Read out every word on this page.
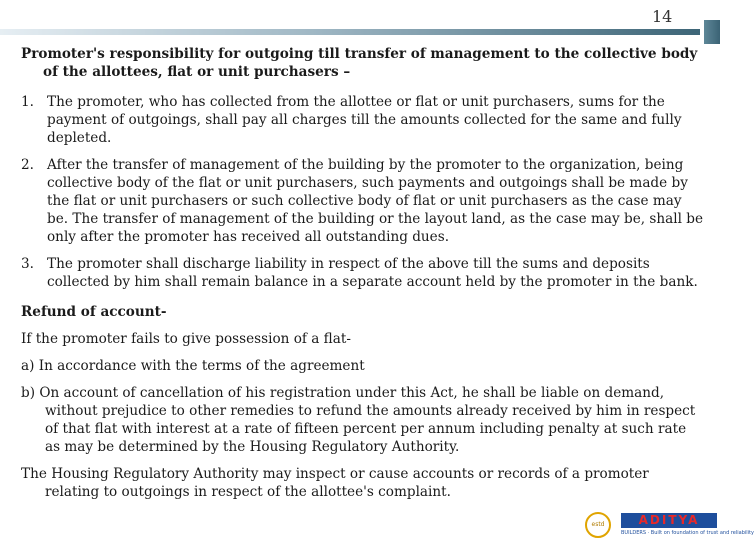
14
Promoter's responsibility for outgoing till transfer of management to the collective body of the allottees, flat or unit purchasers –
1. The promoter, who has collected from the allottee or flat or unit purchasers, sums for the payment of outgoings, shall pay all charges till the amounts collected for the same and fully depleted.
2. After the transfer of management of the building by the promoter to the organization, being collective body of the flat or unit purchasers, such payments and outgoings shall be made by the flat or unit purchasers or such collective body of flat or unit purchasers as the case may be. The transfer of management of the building or the layout land, as the case may be, shall be only after the promoter has received all outstanding dues.
3. The promoter shall discharge liability in respect of the above till the sums and deposits collected by him shall remain balance in a separate account held by the promoter in the bank.
Refund of account-
If the promoter fails to give possession of a flat-
a) In accordance with the terms of the agreement
b) On account of cancellation of his registration under this Act, he shall be liable on demand, without prejudice to other remedies to refund the amounts already received by him in respect of that flat with interest at a rate of fifteen percent per annum including penalty at such rate as may be determined by the Housing Regulatory Authority.
The Housing Regulatory Authority may inspect or cause accounts or records of a promoter relating to outgoings in respect of the allottee's complaint.
estd	ADITYA
BUILDERS · Built on foundation of trust and reliability
